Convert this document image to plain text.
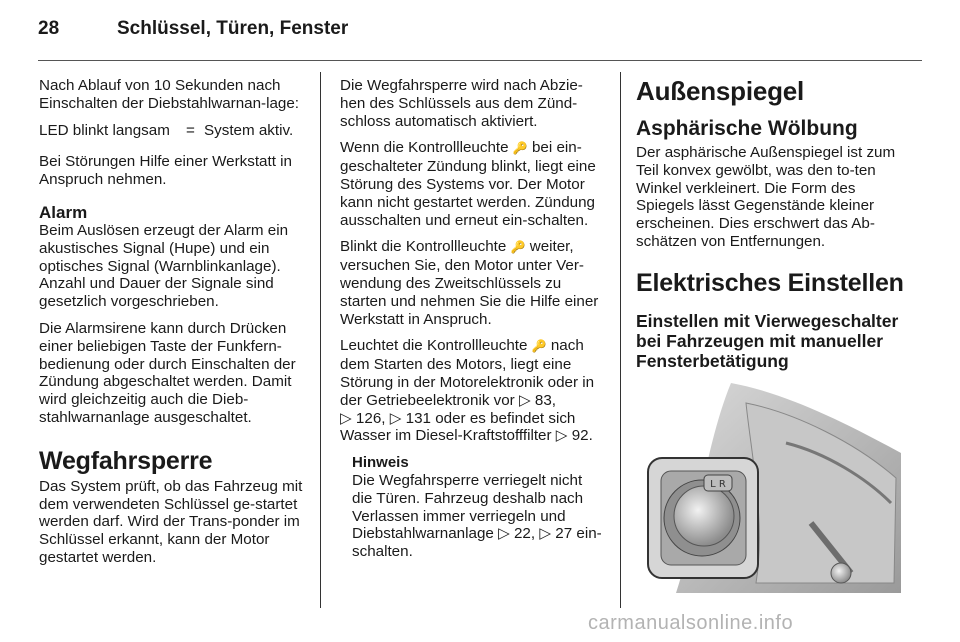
28	Schlüssel, Türen, Fenster

Nach Ablauf von 10 Sekunden nach Einschalten der Diebstahlwarnan-lage:

LED blinkt langsam	= System aktiv.

Bei Störungen Hilfe einer Werkstatt in Anspruch nehmen.

Alarm

Beim Auslösen erzeugt der Alarm ein akustisches Signal (Hupe) und ein optisches Signal (Warnblinkanlage). Anzahl und Dauer der Signale sind gesetzlich vorgeschrieben.

Die Alarmsirene kann durch Drücken einer beliebigen Taste der Funkfern-bedienung oder durch Einschalten der Zündung abgeschaltet werden. Damit wird gleichzeitig auch die Dieb-stahlwarnanlage ausgeschaltet.

Wegfahrsperre

Das System prüft, ob das Fahrzeug mit dem verwendeten Schlüssel ge-startet werden darf. Wird der Trans-ponder im Schlüssel erkannt, kann der Motor gestartet werden.

Die Wegfahrsperre wird nach Abzie-hen des Schlüssels aus dem Zünd-schloss automatisch aktiviert.

Wenn die Kontrollleuchte 🔑 bei ein-geschalteter Zündung blinkt, liegt eine Störung des Systems vor. Der Motor kann nicht gestartet werden. Zündung ausschalten und erneut ein-schalten.

Blinkt die Kontrollleuchte 🔑 weiter, versuchen Sie, den Motor unter Ver-wendung des Zweitschlüssels zu starten und nehmen Sie die Hilfe einer Werkstatt in Anspruch.

Leuchtet die Kontrollleuchte 🔑 nach dem Starten des Motors, liegt eine Störung in der Motorelektronik oder in der Getriebeelektronik vor ▷ 83, ▷ 126, ▷ 131 oder es befindet sich Wasser im Diesel-Kraftstofffilter ▷ 92.

Hinweis
Die Wegfahrsperre verriegelt nicht die Türen. Fahrzeug deshalb nach Verlassen immer verriegeln und Diebstahlwarnanlage ▷ 22, ▷ 27 ein-schalten.
Außenspiegel
Asphärische Wölbung

Der asphärische Außenspiegel ist zum Teil konvex gewölbt, was den to-ten Winkel verkleinert. Die Form des Spiegels lässt Gegenstände kleiner erscheinen. Dies erschwert das Ab-schätzen von Entfernungen.

Elektrisches Einstellen
Einstellen mit Vierwegeschalter bei Fahrzeugen mit manueller Fensterbetätigung
L R
carmanualsonline.info
